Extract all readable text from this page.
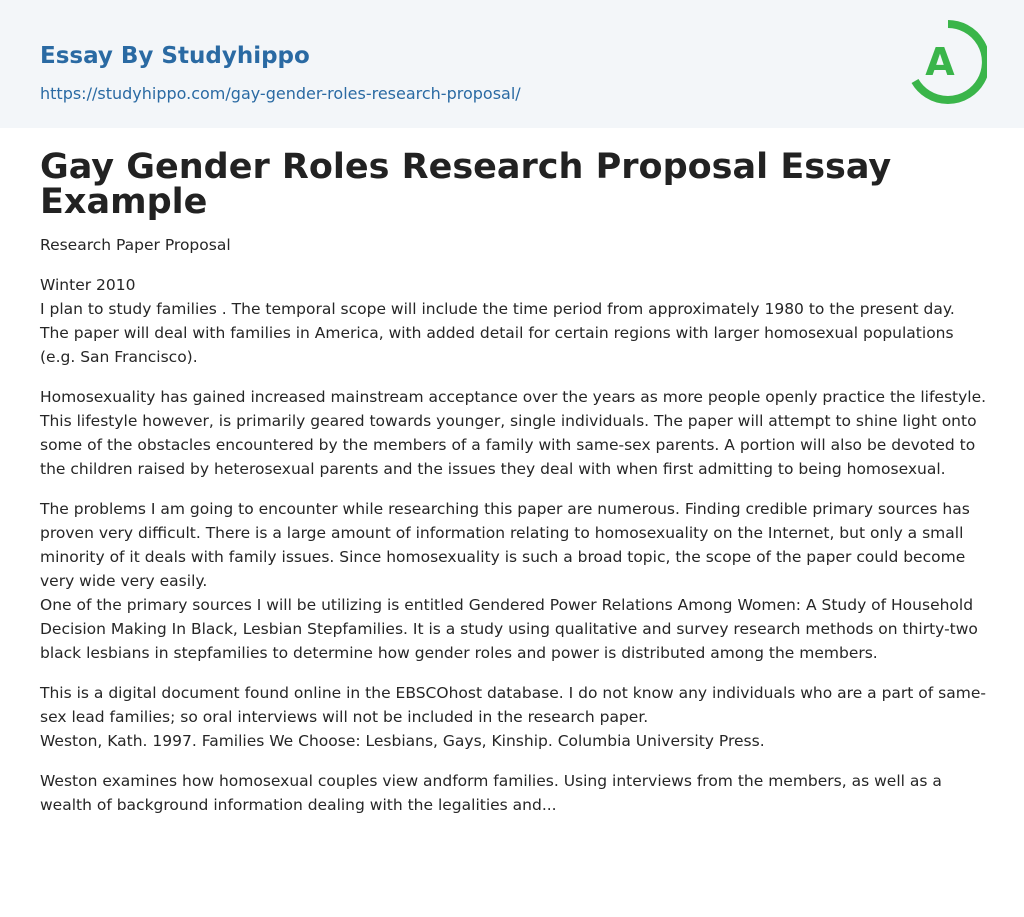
Essay By Studyhippo
https://studyhippo.com/gay-gender-roles-research-proposal/
A
Gay Gender Roles Research Proposal Essay Example
Research Paper Proposal

Winter 2010
I plan to study families . The temporal scope will include the time period from approximately 1980 to the present day. The paper will deal with families in America, with added detail for certain regions with larger homosexual populations (e.g. San Francisco).

Homosexuality has gained increased mainstream acceptance over the years as more people openly practice the lifestyle. This lifestyle however, is primarily geared towards younger, single individuals. The paper will attempt to shine light onto some of the obstacles encountered by the members of a family with same-sex parents. A portion will also be devoted to the children raised by heterosexual parents and the issues they deal with when first admitting to being homosexual.

The problems I am going to encounter while researching this paper are numerous. Finding credible primary sources has proven very difficult. There is a large amount of information relating to homosexuality on the Internet, but only a small minority of it deals with family issues. Since homosexuality is such a broad topic, the scope of the paper could become very wide very easily.
One of the primary sources I will be utilizing is entitled Gendered Power Relations Among Women: A Study of Household Decision Making In Black, Lesbian Stepfamilies. It is a study using qualitative and survey research methods on thirty-two black lesbians in stepfamilies to determine how gender roles and power is distributed among the members.

This is a digital document found online in the EBSCOhost database. I do not know any individuals who are a part of same-sex lead families; so oral interviews will not be included in the research paper.
Weston, Kath. 1997. Families We Choose: Lesbians, Gays, Kinship. Columbia University Press.

Weston examines how homosexual couples view andform families. Using interviews from the members, as well as a wealth of background information dealing with the legalities and...
